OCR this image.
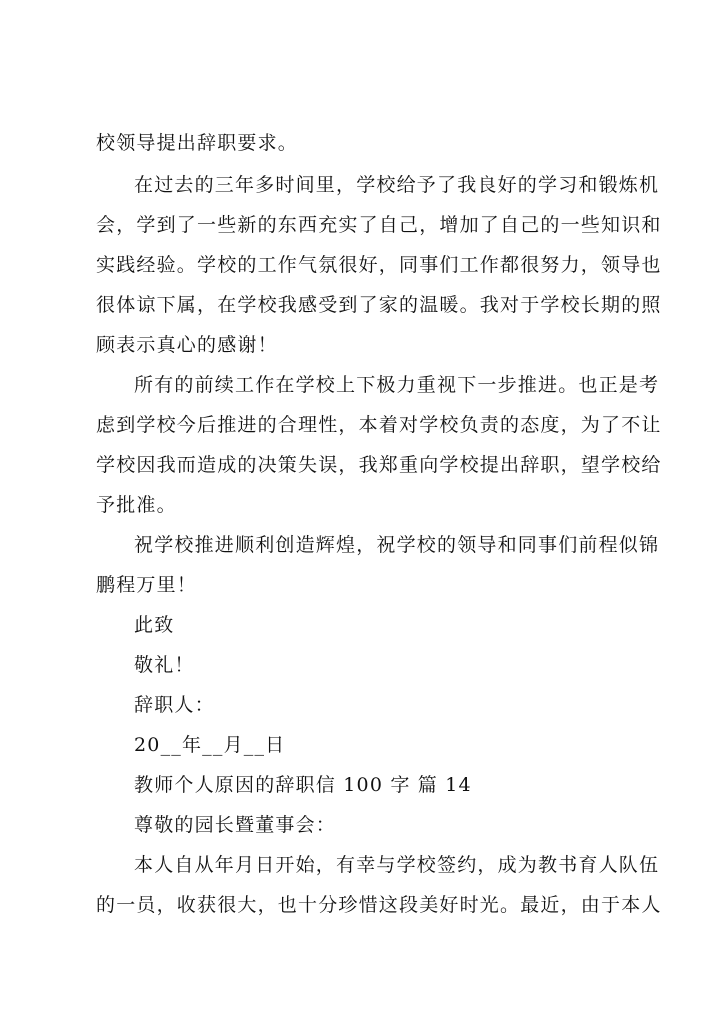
校领导提出辞职要求。
在过去的三年多时间里，学校给予了我良好的学习和锻炼机
会，学到了一些新的东西充实了自己，增加了自己的一些知识和
实践经验。学校的工作气氛很好，同事们工作都很努力，领导也
很体谅下属，在学校我感受到了家的温暖。我对于学校长期的照
顾表示真心的感谢！
所有的前续工作在学校上下极力重视下一步推进。也正是考
虑到学校今后推进的合理性，本着对学校负责的态度，为了不让
学校因我而造成的决策失误，我郑重向学校提出辞职，望学校给
予批准。
祝学校推进顺利创造辉煌，祝学校的领导和同事们前程似锦
鹏程万里！
此致
敬礼！
辞职人：
20__年__月__日
教师个人原因的辞职信 100 字 篇 14
尊敬的园长暨董事会：
本人自从年月日开始，有幸与学校签约，成为教书育人队伍
的一员，收获很大，也十分珍惜这段美好时光。最近，由于本人
